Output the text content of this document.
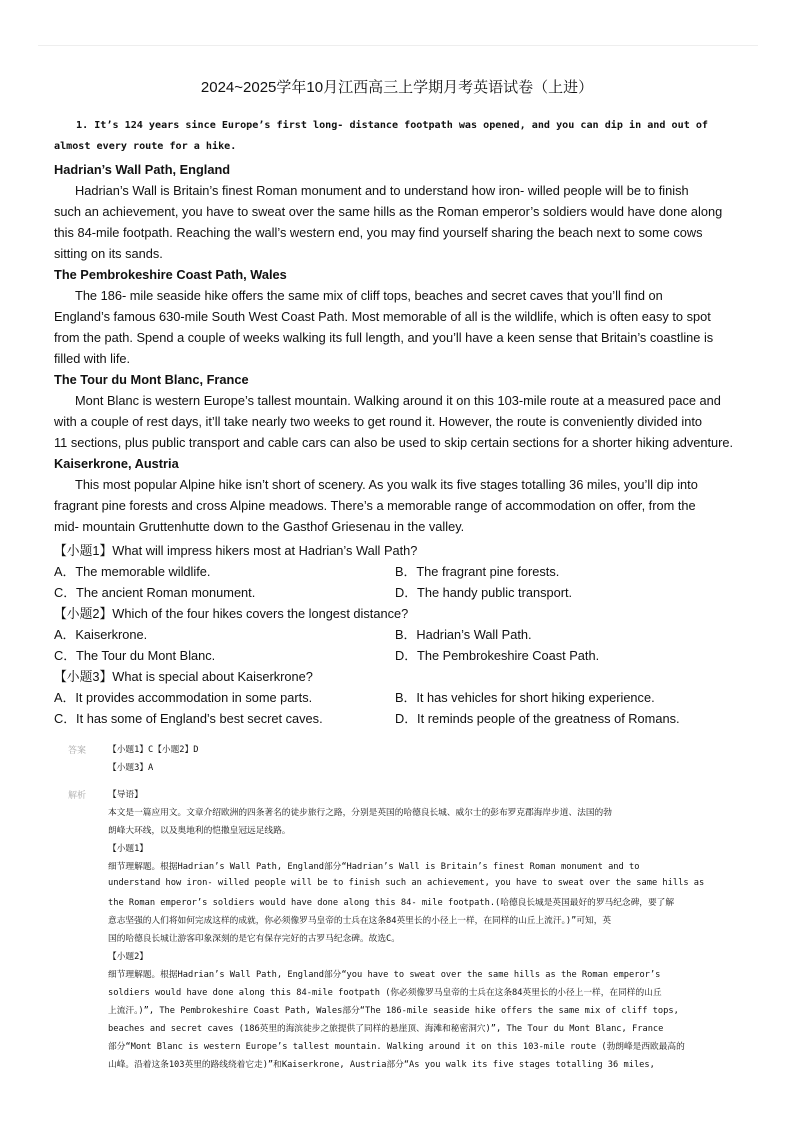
2024~2025学年10月江西高三上学期月考英语试卷（上进）
1. It’s 124 years since Europe’s first long- distance footpath was opened, and you can dip in and out of
almost every route for a hike.
Hadrian’s Wall Path, England
Hadrian’s Wall is Britain’s finest Roman monument and to understand how iron- willed people will be to finish
such an achievement, you have to sweat over the same hills as the Roman emperor’s soldiers would have done along
this 84-mile footpath. Reaching the wall’s western end, you may find yourself sharing the beach next to some cows
sitting on its sands.
The Pembrokeshire Coast Path, Wales
The 186- mile seaside hike offers the same mix of cliff tops, beaches and secret caves that you’ll find on
England’s famous 630-mile South West Coast Path. Most memorable of all is the wildlife, which is often easy to spot
from the path. Spend a couple of weeks walking its full length, and you’ll have a keen sense that Britain’s coastline is
filled with life.
The Tour du Mont Blanc, France
Mont Blanc is western Europe’s tallest mountain. Walking around it on this 103-mile route at a measured pace and
with a couple of rest days, it’ll take nearly two weeks to get round it. However, the route is conveniently divided into
11 sections, plus public transport and cable cars can also be used to skip certain sections for a shorter hiking adventure.
Kaiserkrone, Austria
This most popular Alpine hike isn’t short of scenery. As you walk its five stages totalling 36 miles, you’ll dip into
fragrant pine forests and cross Alpine meadows. There’s a memorable range of accommodation on offer, from the
mid- mountain Gruttenhutte down to the Gasthof Griesenau in the valley.
【小题1】What will impress hikers most at Hadrian’s Wall Path?
A．The memorable wildlife.	B．The fragrant pine forests.
C．The ancient Roman monument.	D．The handy public transport.
【小题2】Which of the four hikes covers the longest distance?
A．Kaiserkrone.	B．Hadrian’s Wall Path.
C．The Tour du Mont Blanc.	D．The Pembrokeshire Coast Path.
【小题3】What is special about Kaiserkrone?
A．It provides accommodation in some parts.	B．It has vehicles for short hiking experience.
C．It has some of England’s best secret caves.	D．It reminds people of the greatness of Romans.
答案	【小题1】C【小题2】D
【小题3】A
解析	【导语】
本文是一篇应用文。文章介绍欧洲的四条著名的徒步旅行之路，分别是英国的哈德良长城、威尔士的彭布罗克郡海岸步道、法国的勃
朗峰大环线，以及奥地利的恺撒皇冠远足线路。
【小题1】
细节理解题。根据Hadrian’s Wall Path, England部分“Hadrian’s Wall is Britain’s finest Roman monument and to
understand how iron- willed people will be to finish such an achievement, you have to sweat over the same hills as
the Roman emperor’s soldiers would have done along this 84- mile footpath.(哈德良长城是英国最好的罗马纪念碑，要了解
意志坚强的人们将如何完成这样的成就，你必须像罗马皇帝的士兵在这条84英里长的小径上一样，在同样的山丘上流汗。)”可知，英
国的哈德良长城让游客印象深刻的是它有保存完好的古罗马纪念碑。故选C。
【小题2】
细节理解题。根据Hadrian’s Wall Path, England部分“you have to sweat over the same hills as the Roman emperor’s
soldiers would have done along this 84-mile footpath (你必须像罗马皇帝的士兵在这条84英里长的小径上一样，在同样的山丘
上流汗。)”, The Pembrokeshire Coast Path, Wales部分“The 186-mile seaside hike offers the same mix of cliff tops,
beaches and secret caves (186英里的海滨徒步之旅提供了同样的悬崖顶、海滩和秘密洞穴)”, The Tour du Mont Blanc, France
部分“Mont Blanc is western Europe’s tallest mountain. Walking around it on this 103-mile route (勃朗峰是西欧最高的
山峰。沿着这条103英里的路线绕着它走)”和Kaiserkrone, Austria部分“As you walk its five stages totalling 36 miles,
